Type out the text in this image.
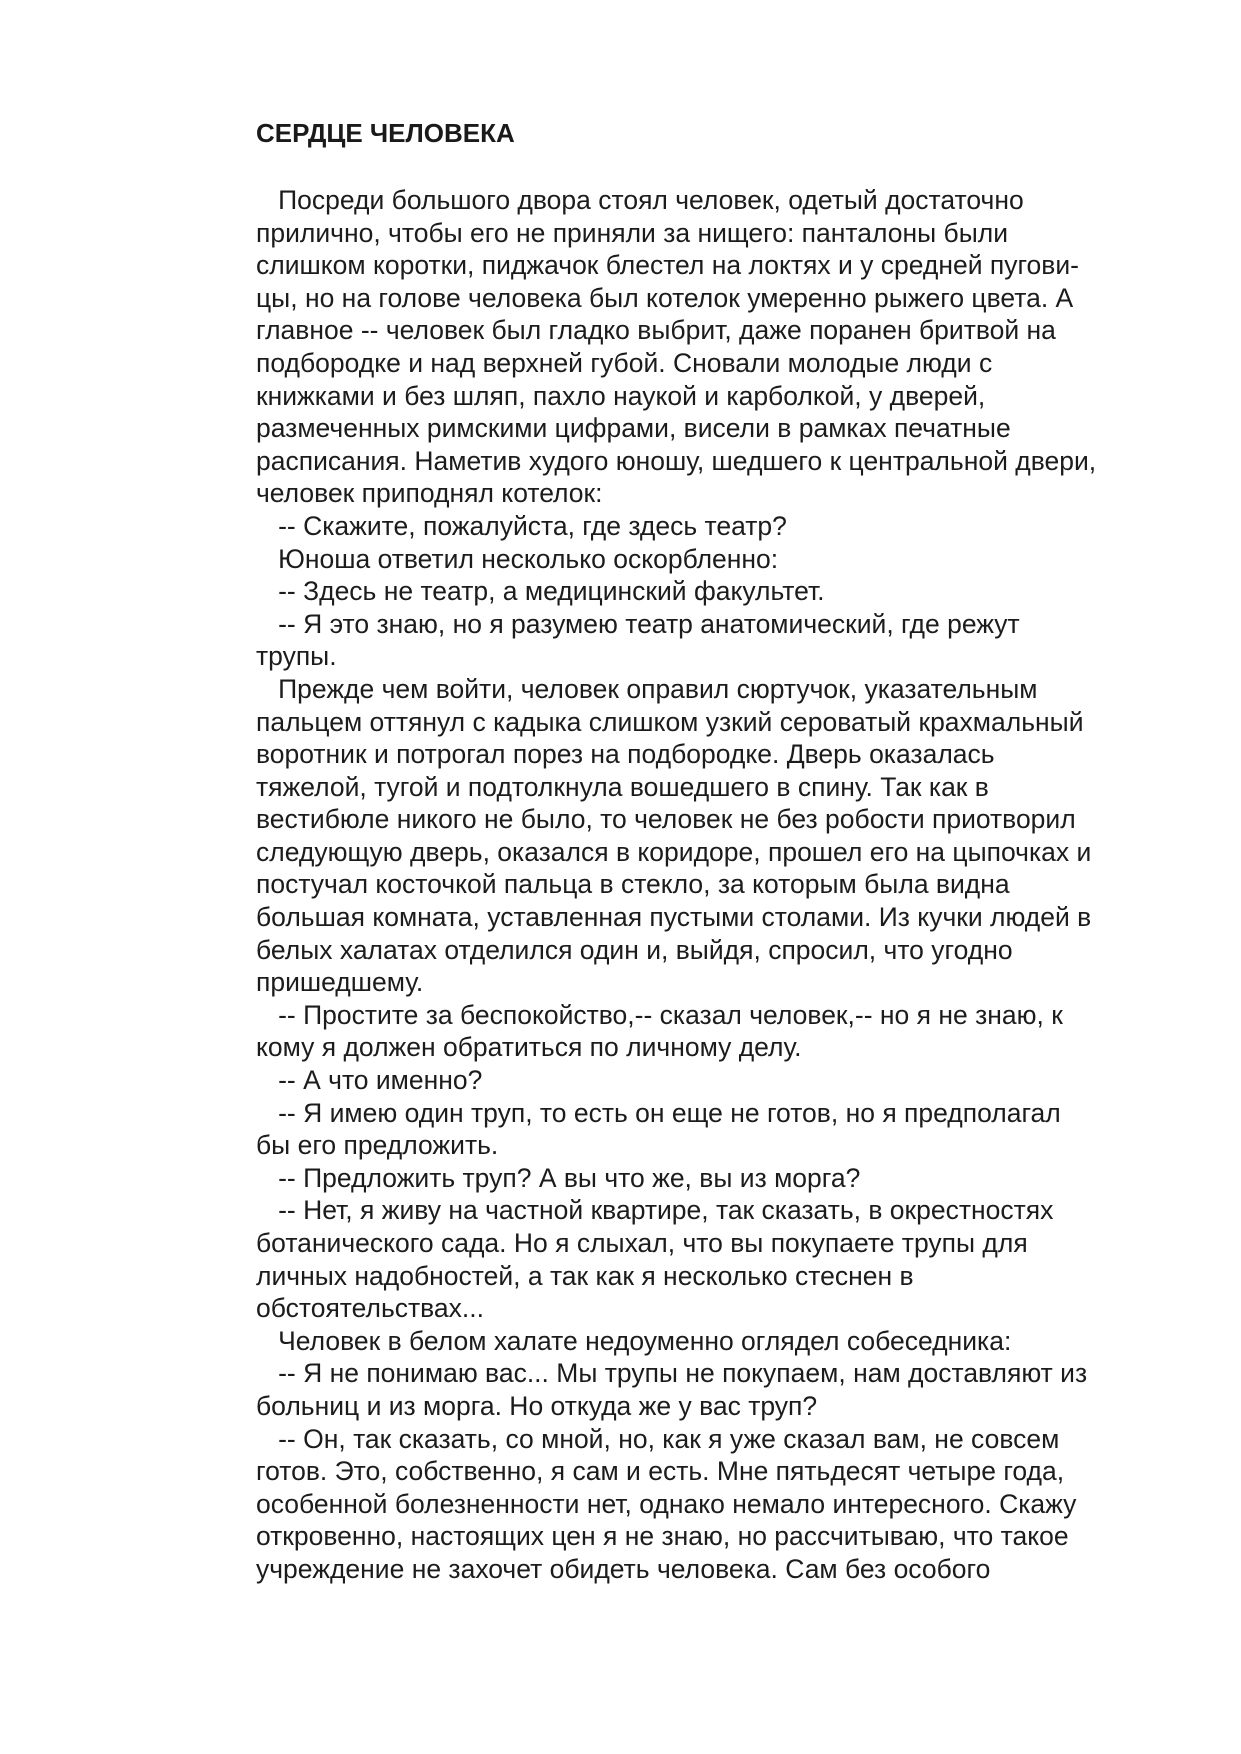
СЕРДЦЕ ЧЕЛОВЕКА
Посреди большого двора стоял человек, одетый достаточно
прилично, чтобы его не приняли за нищего: панталоны были
слишком коротки, пиджачок блестел на локтях и у средней пугови-
цы, но на голове человека был котелок умеренно рыжего цвета. А
главное -- человек был гладко выбрит, даже поранен бритвой на
подбородке и над верхней губой. Сновали молодые люди с
книжками и без шляп, пахло наукой и карболкой, у дверей,
размеченных римскими цифрами, висели в рамках печатные
расписания. Наметив худого юношу, шедшего к центральной двери,
человек приподнял котелок:
-- Скажите, пожалуйста, где здесь театр?
Юноша ответил несколько оскорбленно:
-- Здесь не театр, а медицинский факультет.
-- Я это знаю, но я разумею театр анатомический, где режут
трупы.
Прежде чем войти, человек оправил сюртучок, указательным
пальцем оттянул с кадыка слишком узкий сероватый крахмальный
воротник и потрогал порез на подбородке. Дверь оказалась
тяжелой, тугой и подтолкнула вошедшего в спину. Так как в
вестибюле никого не было, то человек не без робости приотворил
следующую дверь, оказался в коридоре, прошел его на цыпочках и
постучал косточкой пальца в стекло, за которым была видна
большая комната, уставленная пустыми столами. Из кучки людей в
белых халатах отделился один и, выйдя, спросил, что угодно
пришедшему.
-- Простите за беспокойство,-- сказал человек,-- но я не знаю, к
кому я должен обратиться по личному делу.
-- А что именно?
-- Я имею один труп, то есть он еще не готов, но я предполагал
бы его предложить.
-- Предложить труп? А вы что же, вы из морга?
-- Нет, я живу на частной квартире, так сказать, в окрестностях
ботанического сада. Но я слыхал, что вы покупаете трупы для
личных надобностей, а так как я несколько стеснен в
обстоятельствах...
Человек в белом халате недоуменно оглядел собеседника:
-- Я не понимаю вас... Мы трупы не покупаем, нам доставляют из
больниц и из морга. Но откуда же у вас труп?
-- Он, так сказать, со мной, но, как я уже сказал вам, не совсем
готов. Это, собственно, я сам и есть. Мне пятьдесят четыре года,
особенной болезненности нет, однако немало интересного. Скажу
откровенно, настоящих цен я не знаю, но рассчитываю, что такое
учреждение не захочет обидеть человека. Сам без особого
